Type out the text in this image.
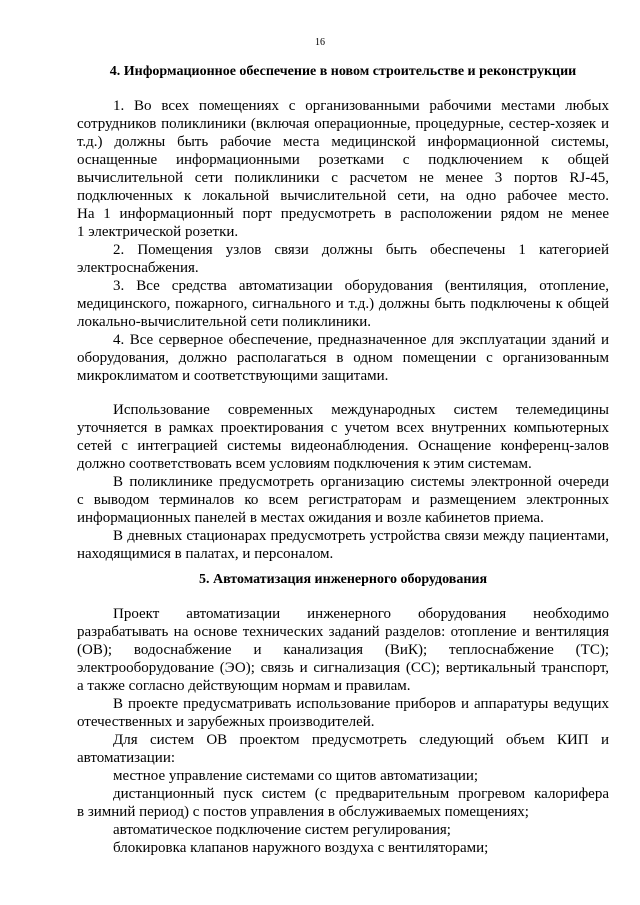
16
4. Информационное обеспечение в новом строительстве и реконструкции

1. Во всех помещениях с организованными рабочими местами любых

сотрудников поликлиники (включая операционные, процедурные, сестер-хозяек и

т.д.) должны быть рабочие места медицинской информационной системы,

оснащенные информационными розетками с подключением к общей

вычислительной сети поликлиники с расчетом не менее 3 портов RJ-45,

подключенных к локальной вычислительной сети, на одно рабочее место.

На 1 информационный порт предусмотреть в расположении рядом не менее

1 электрической розетки.

2. Помещения узлов связи должны быть обеспечены 1 категорией

электроснабжения.

3. Все средства автоматизации оборудования (вентиляция, отопление,

медицинского, пожарного, сигнального и т.д.) должны быть подключены к общей

локально-вычислительной сети поликлиники.

4. Все серверное обеспечение, предназначенное для эксплуатации зданий и

оборудования, должно располагаться в одном помещении с организованным

микроклиматом и соответствующими защитами.

Использование современных международных систем телемедицины

уточняется в рамках проектирования с учетом всех внутренних компьютерных

сетей с интеграцией системы видеонаблюдения. Оснащение конференц-залов

должно соответствовать всем условиям подключения к этим системам.

В поликлинике предусмотреть организацию системы электронной очереди

с выводом терминалов ко всем регистраторам и размещением электронных

информационных панелей в местах ожидания и возле кабинетов приема.

В дневных стационарах предусмотреть устройства связи между пациентами,

находящимися в палатах, и персоналом.

5. Автоматизация инженерного оборудования

Проект автоматизации инженерного оборудования необходимо

разрабатывать на основе технических заданий разделов: отопление и вентиляция

(ОВ); водоснабжение и канализация (ВиК); теплоснабжение (ТС);

электрооборудование (ЭО); связь и сигнализация (СС); вертикальный транспорт,

а также согласно действующим нормам и правилам.

В проекте предусматривать использование приборов и аппаратуры ведущих

отечественных и зарубежных производителей.

Для систем ОВ проектом предусмотреть следующий объем КИП и

автоматизации:

местное управление системами со щитов автоматизации;

дистанционный пуск систем (с предварительным прогревом калорифера

в зимний период) с постов управления в обслуживаемых помещениях;

автоматическое подключение систем регулирования;

блокировка клапанов наружного воздуха с вентиляторами;
